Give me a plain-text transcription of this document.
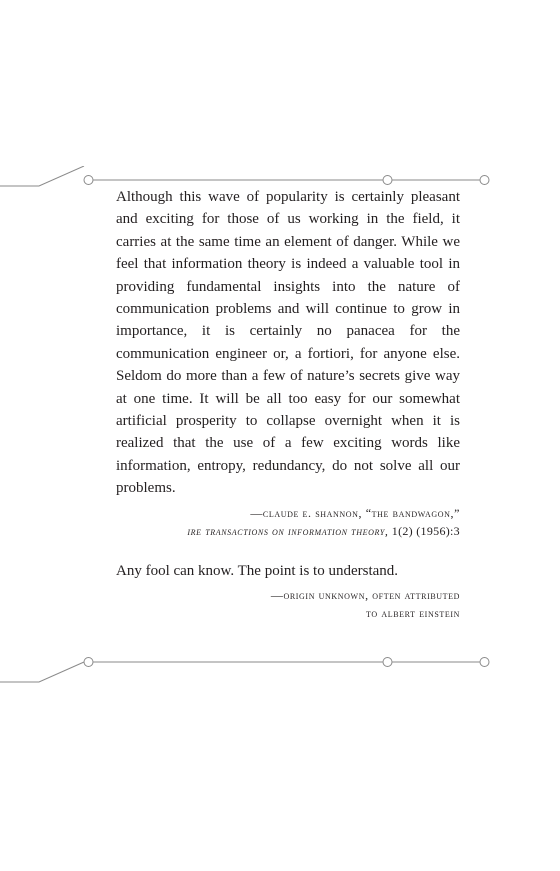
Although this wave of popularity is certainly pleasant and exciting for those of us working in the field, it carries at the same time an element of danger. While we feel that information theory is indeed a valuable tool in providing fundamental insights into the nature of communication problems and will continue to grow in importance, it is certainly no panacea for the communication engineer or, a fortiori, for anyone else. Seldom do more than a few of nature’s secrets give way at one time. It will be all too easy for our somewhat artificial prosperity to collapse overnight when it is realized that the use of a few exciting words like information, entropy, redundancy, do not solve all our problems.

—claude e. shannon, “the bandwagon,”
ire transactions on information theory, 1(2) (1956):3

Any fool can know. The point is to understand.

—origin unknown, often attributed
to albert einstein
